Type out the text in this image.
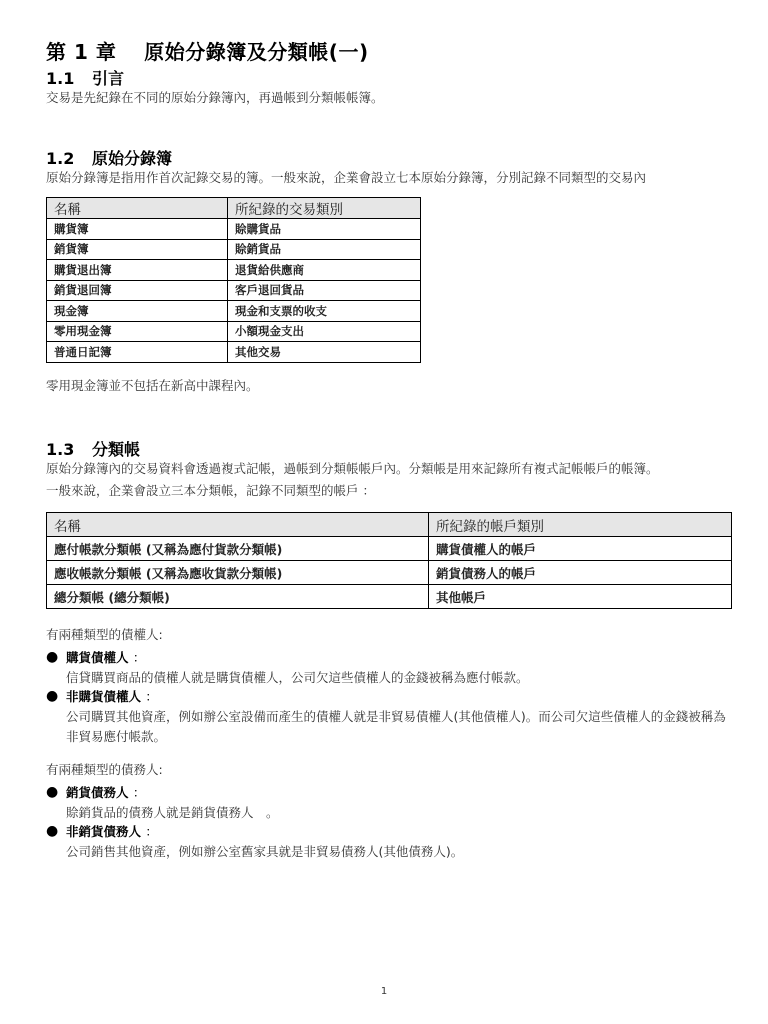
第 1 章　 原始分錄簿及分類帳(一)
1.1 引言
交易是先紀錄在不同的原始分錄簿內，再過帳到分類帳帳簿。
1.2 原始分錄簿
原始分錄簿是指用作首次記錄交易的簿。一般來說，企業會設立七本原始分錄簿，分別記錄不同類型的交易內
名稱	所紀錄的交易類別
購貨簿	賒購貨品
銷貨簿	賒銷貨品
購貨退出簿	退貨給供應商
銷貨退回簿	客戶退回貨品
現金簿	現金和支票的收支
零用現金簿	小額現金支出
普通日記簿	其他交易
零用現金簿並不包括在新高中課程內。
1.3 分類帳
原始分錄簿內的交易資料會透過複式記帳，過帳到分類帳帳戶內。分類帳是用來記錄所有複式記帳帳戶的帳簿。
一般來說，企業會設立三本分類帳，記錄不同類型的帳戶 ：
名稱	所紀錄的帳戶類別
應付帳款分類帳 (又稱為應付貨款分類帳)	購貨債權人的帳戶
應收帳款分類帳 (又稱為應收貨款分類帳)	銷貨債務人的帳戶
總分類帳 (總分類帳)	其他帳戶
有兩種類型的債權人:
● 購貨債權人 ：
信貸購買商品的債權人就是購貨債權人，公司欠這些債權人的金錢被稱為應付帳款。
● 非購貨債權人 ：
公司購買其他資產，例如辦公室設備而產生的債權人就是非貿易債權人(其他債權人)。而公司欠這些債權人的金錢被稱為非貿易應付帳款。
有兩種類型的債務人:
● 銷貨債務人 ：
賒銷貨品的債務人就是銷貨債務人　。
● 非銷貨債務人 ：
公司銷售其他資產，例如辦公室舊家具就是非貿易債務人(其他債務人)。
1
